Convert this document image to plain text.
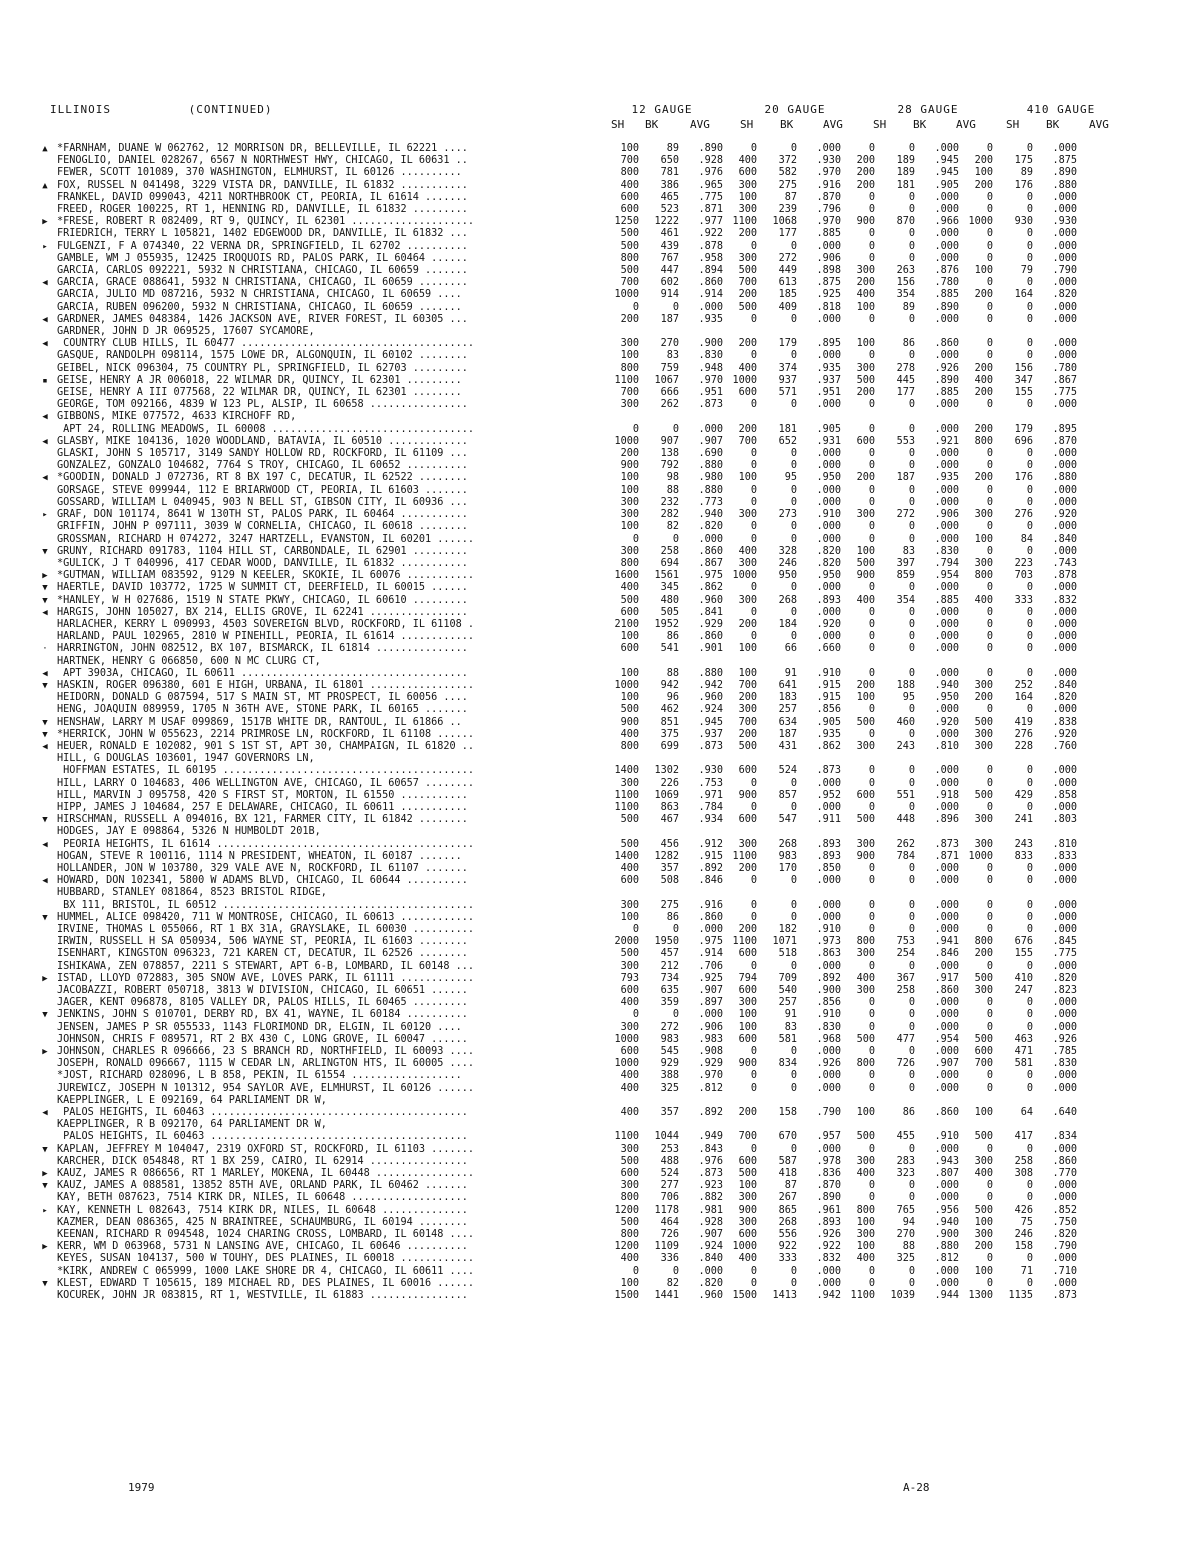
ILLINOIS	(CONTINUED)	12 GAUGE	20 GAUGE	28 GAUGE	410 GAUGE
SH BK	AVG	SH BK	AVG	SH BK	AVG	SH BK	AVG
▲	*FARNHAM, DUANE W 062762, 12 MORRISON DR, BELLEVILLE, IL 62221 ....	100	89	.890	0	0	.000	0	0	.000	0	0	.000
	FENOGLIO, DANIEL 028267, 6567 N NORTHWEST HWY, CHICAGO, IL 60631 ..	700	650	.928	400	372	.930	200	189	.945	200	175	.875
	FEWER, SCOTT 101089, 370 WASHINGTON, ELMHURST, IL 60126 ..........	800	781	.976	600	582	.970	200	189	.945	100	89	.890
▲	FOX, RUSSEL N 041498, 3229 VISTA DR, DANVILLE, IL 61832 ...........	400	386	.965	300	275	.916	200	181	.905	200	176	.880
	FRANKEL, DAVID 099043, 4211 NORTHBROOK CT, PEORIA, IL 61614 .......	600	465	.775	100	87	.870	0	0	.000	0	0	.000
	FREED, ROGER 100225, RT 1, HENNING RD, DANVILLE, IL 61832 .........	600	523	.871	300	239	.796	0	0	.000	0	0	.000
▶	*FRESE, ROBERT R 082409, RT 9, QUINCY, IL 62301 ....................	1250	1222	.977	1100	1068	.970	900	870	.966	1000	930	.930
	FRIEDRICH, TERRY L 105821, 1402 EDGEWOOD DR, DANVILLE, IL 61832 ...	500	461	.922	200	177	.885	0	0	.000	0	0	.000
▸	FULGENZI, F A 074340, 22 VERNA DR, SPRINGFIELD, IL 62702 ..........	500	439	.878	0	0	.000	0	0	.000	0	0	.000
	GAMBLE, WM J 055935, 12425 IROQUOIS RD, PALOS PARK, IL 60464 ......	800	767	.958	300	272	.906	0	0	.000	0	0	.000
	GARCIA, CARLOS 092221, 5932 N CHRISTIANA, CHICAGO, IL 60659 .......	500	447	.894	500	449	.898	300	263	.876	100	79	.790
◀	GARCIA, GRACE 088641, 5932 N CHRISTIANA, CHICAGO, IL 60659 ........	700	602	.860	700	613	.875	200	156	.780	0	0	.000
	GARCIA, JULIO MD 087216, 5932 N CHRISTIANA, CHICAGO, IL 60659 ....	1000	914	.914	200	185	.925	400	354	.885	200	164	.820
	GARCIA, RUBEN 096200, 5932 N CHRISTIANA, CHICAGO, IL 60659 .......	0	0	.000	500	409	.818	100	89	.890	0	0	.000
◀	GARDNER, JAMES 048384, 1426 JACKSON AVE, RIVER FOREST, IL 60305 ...	200	187	.935	0	0	.000	0	0	.000	0	0	.000
	GARDNER, JOHN D JR 069525, 17607 SYCAMORE,												
◀	COUNTRY CLUB HILLS, IL 60477 ......................................	300	270	.900	200	179	.895	100	86	.860	0	0	.000
	GASQUE, RANDOLPH 098114, 1575 LOWE DR, ALGONQUIN, IL 60102 ........	100	83	.830	0	0	.000	0	0	.000	0	0	.000
	GEIBEL, NICK 096304, 75 COUNTRY PL, SPRINGFIELD, IL 62703 .........	800	759	.948	400	374	.935	300	278	.926	200	156	.780
▪	GEISE, HENRY A JR 006018, 22 WILMAR DR, QUINCY, IL 62301 .........	1100	1067	.970	1000	937	.937	500	445	.890	400	347	.867
	GEISE, HENRY A III 077568, 22 WILMAR DR, QUINCY, IL 62301 ........	700	666	.951	600	571	.951	200	177	.885	200	155	.775
	GEORGE, TOM 092166, 4839 W 123 PL, ALSIP, IL 60658 ................	300	262	.873	0	0	.000	0	0	.000	0	0	.000
◀	GIBBONS, MIKE 077572, 4633 KIRCHOFF RD,												
	APT 24, ROLLING MEADOWS, IL 60008 .................................	0	0	.000	200	181	.905	0	0	.000	200	179	.895
◀	GLASBY, MIKE 104136, 1020 WOODLAND, BATAVIA, IL 60510 .............	1000	907	.907	700	652	.931	600	553	.921	800	696	.870
	GLASKI, JOHN S 105717, 3149 SANDY HOLLOW RD, ROCKFORD, IL 61109 ...	200	138	.690	0	0	.000	0	0	.000	0	0	.000
	GONZALEZ, GONZALO 104682, 7764 S TROY, CHICAGO, IL 60652 ..........	900	792	.880	0	0	.000	0	0	.000	0	0	.000
◀	*GOODIN, DONALD J 072736, RT 8 BX 197 C, DECATUR, IL 62522 ........	100	98	.980	100	95	.950	200	187	.935	200	176	.880
	GORSAGE, STEVE 099944, 112 E BRIARWOOD CT, PEORIA, IL 61603 .......	100	88	.880	0	0	.000	0	0	.000	0	0	.000
	GOSSARD, WILLIAM L 040945, 903 N BELL ST, GIBSON CITY, IL 60936 ...	300	232	.773	0	0	.000	0	0	.000	0	0	.000
▸	GRAF, DON 101174, 8641 W 130TH ST, PALOS PARK, IL 60464 ...........	300	282	.940	300	273	.910	300	272	.906	300	276	.920
	GRIFFIN, JOHN P 097111, 3039 W CORNELIA, CHICAGO, IL 60618 ........	100	82	.820	0	0	.000	0	0	.000	0	0	.000
	GROSSMAN, RICHARD H 074272, 3247 HARTZELL, EVANSTON, IL 60201 ......	0	0	.000	0	0	.000	0	0	.000	100	84	.840
▼	GRUNY, RICHARD 091783, 1104 HILL ST, CARBONDALE, IL 62901 .........	300	258	.860	400	328	.820	100	83	.830	0	0	.000
	*GULICK, J T 040996, 417 CEDAR WOOD, DANVILLE, IL 61832 ...........	800	694	.867	300	246	.820	500	397	.794	300	223	.743
▶	*GUTMAN, WILLIAM 083592, 9129 N KEELER, SKOKIE, IL 60076 ...........	1600	1561	.975	1000	950	.950	900	859	.954	800	703	.878
▼	HAERTLE, DAVID 103772, 1725 W SUMMIT CT, DEERFIELD, IL 60015 ......	400	345	.862	0	0	.000	0	0	.000	0	0	.000
▼	*HANLEY, W H 027686, 1519 N STATE PKWY, CHICAGO, IL 60610 .........	500	480	.960	300	268	.893	400	354	.885	400	333	.832
◀	HARGIS, JOHN 105027, BX 214, ELLIS GROVE, IL 62241 ................	600	505	.841	0	0	.000	0	0	.000	0	0	.000
	HARLACHER, KERRY L 090993, 4503 SOVEREIGN BLVD, ROCKFORD, IL 61108 .	2100	1952	.929	200	184	.920	0	0	.000	0	0	.000
	HARLAND, PAUL 102965, 2810 W PINEHILL, PEORIA, IL 61614 ............	100	86	.860	0	0	.000	0	0	.000	0	0	.000
·	HARRINGTON, JOHN 082512, BX 107, BISMARCK, IL 61814 ...............	600	541	.901	100	66	.660	0	0	.000	0	0	.000
	HARTNEK, HENRY G 066850, 600 N MC CLURG CT,												
◀	APT 3903A, CHICAGO, IL 60611 .....................................	100	88	.880	100	91	.910	0	0	.000	0	0	.000
▼	HASKIN, ROGER 096380, 601 E HIGH, URBANA, IL 61801 .................	1000	942	.942	700	641	.915	200	188	.940	300	252	.840
	HEIDORN, DONALD G 087594, 517 S MAIN ST, MT PROSPECT, IL 60056 ....	100	96	.960	200	183	.915	100	95	.950	200	164	.820
	HENG, JOAQUIN 089959, 1705 N 36TH AVE, STONE PARK, IL 60165 .......	500	462	.924	300	257	.856	0	0	.000	0	0	.000
▼	HENSHAW, LARRY M USAF 099869, 1517B WHITE DR, RANTOUL, IL 61866 ..	900	851	.945	700	634	.905	500	460	.920	500	419	.838
▼	*HERRICK, JOHN W 055623, 2214 PRIMROSE LN, ROCKFORD, IL 61108 ......	400	375	.937	200	187	.935	0	0	.000	300	276	.920
◀	HEUER, RONALD E 102082, 901 S 1ST ST, APT 30, CHAMPAIGN, IL 61820 ..	800	699	.873	500	431	.862	300	243	.810	300	228	.760
	HILL, G DOUGLAS 103601, 1947 GOVERNORS LN,												
	HOFFMAN ESTATES, IL 60195 .........................................	1400	1302	.930	600	524	.873	0	0	.000	0	0	.000
	HILL, LARRY O 104683, 406 WELLINGTON AVE, CHICAGO, IL 60657 ........	300	226	.753	0	0	.000	0	0	.000	0	0	.000
	HILL, MARVIN J 095758, 420 S FIRST ST, MORTON, IL 61550 ...........	1100	1069	.971	900	857	.952	600	551	.918	500	429	.858
	HIPP, JAMES J 104684, 257 E DELAWARE, CHICAGO, IL 60611 ...........	1100	863	.784	0	0	.000	0	0	.000	0	0	.000
▼	HIRSCHMAN, RUSSELL A 094016, BX 121, FARMER CITY, IL 61842 ........	500	467	.934	600	547	.911	500	448	.896	300	241	.803
	HODGES, JAY E 098864, 5326 N HUMBOLDT 201B,												
◀	PEORIA HEIGHTS, IL 61614 ..........................................	500	456	.912	300	268	.893	300	262	.873	300	243	.810
	HOGAN, STEVE R 100116, 1114 N PRESIDENT, WHEATON, IL 60187 .......	1400	1282	.915	1100	983	.893	900	784	.871	1000	833	.833
	HOLLANDER, JON W 103780, 329 VALE AVE N, ROCKFORD, IL 61107 .......	400	357	.892	200	170	.850	0	0	.000	0	0	.000
◀	HOWARD, DON 102341, 5800 W ADAMS BLVD, CHICAGO, IL 60644 ..........	600	508	.846	0	0	.000	0	0	.000	0	0	.000
	HUBBARD, STANLEY 081864, 8523 BRISTOL RIDGE,												
	BX 111, BRISTOL, IL 60512 .........................................	300	275	.916	0	0	.000	0	0	.000	0	0	.000
▼	HUMMEL, ALICE 098420, 711 W MONTROSE, CHICAGO, IL 60613 ............	100	86	.860	0	0	.000	0	0	.000	0	0	.000
	IRVINE, THOMAS L 055066, RT 1 BX 31A, GRAYSLAKE, IL 60030 ..........	0	0	.000	200	182	.910	0	0	.000	0	0	.000
	IRWIN, RUSSELL H SA 050934, 506 WAYNE ST, PEORIA, IL 61603 ........	2000	1950	.975	1100	1071	.973	800	753	.941	800	676	.845
	ISENHART, KINGSTON 096323, 721 KAREN CT, DECATUR, IL 62526 ........	500	457	.914	600	518	.863	300	254	.846	200	155	.775
	ISHIKAWA, ZEN 078857, 2211 S STEWART, APT 6-B, LOMBARD, IL 60148 ...	300	212	.706	0	0	.000	0	0	.000	0	0	.000
▶	ISTAD, LLOYD 072883, 305 SNOW AVE, LOVES PARK, IL 61111 ............	793	734	.925	794	709	.892	400	367	.917	500	410	.820
	JACOBAZZI, ROBERT 050718, 3813 W DIVISION, CHICAGO, IL 60651 ......	600	635	.907	600	540	.900	300	258	.860	300	247	.823
	JAGER, KENT 096878, 8105 VALLEY DR, PALOS HILLS, IL 60465 .........	400	359	.897	300	257	.856	0	0	.000	0	0	.000
▼	JENKINS, JOHN S 010701, DERBY RD, BX 41, WAYNE, IL 60184 ..........	0	0	.000	100	91	.910	0	0	.000	0	0	.000
	JENSEN, JAMES P SR 055533, 1143 FLORIMOND DR, ELGIN, IL 60120 ....	300	272	.906	100	83	.830	0	0	.000	0	0	.000
	JOHNSON, CHRIS F 089571, RT 2 BX 430 C, LONG GROVE, IL 60047 ......	1000	983	.983	600	581	.968	500	477	.954	500	463	.926
▶	JOHNSON, CHARLES R 096666, 23 S BRANCH RD, NORTHFIELD, IL 60093 ....	600	545	.908	0	0	.000	0	0	.000	600	471	.785
	JOSEPH, RONALD 096667, 1115 W CEDAR LN, ARLINGTON HTS, IL 60005 ....	1000	929	.929	900	834	.926	800	726	.907	700	581	.830
	*JOST, RICHARD 028096, L B 858, PEKIN, IL 61554 ..................	400	388	.970	0	0	.000	0	0	.000	0	0	.000
	JUREWICZ, JOSEPH N 101312, 954 SAYLOR AVE, ELMHURST, IL 60126 ......	400	325	.812	0	0	.000	0	0	.000	0	0	.000
	KAEPPLINGER, L E 092169, 64 PARLIAMENT DR W,												
◀	PALOS HEIGHTS, IL 60463 ..........................................	400	357	.892	200	158	.790	100	86	.860	100	64	.640
	KAEPPLINGER, R B 092170, 64 PARLIAMENT DR W,												
	PALOS HEIGHTS, IL 60463 ..........................................	1100	1044	.949	700	670	.957	500	455	.910	500	417	.834
▼	KAPLAN, JEFFREY M 104047, 2319 OXFORD ST, ROCKFORD, IL 61103 .......	300	253	.843	0	0	.000	0	0	.000	0	0	.000
	KARCHER, DICK 054848, RT 1 BX 259, CAIRO, IL 62914 ................	500	488	.976	600	587	.978	300	283	.943	300	258	.860
▶	KAUZ, JAMES R 086656, RT 1 MARLEY, MOKENA, IL 60448 ................	600	524	.873	500	418	.836	400	323	.807	400	308	.770
▼	KAUZ, JAMES A 088581, 13852 85TH AVE, ORLAND PARK, IL 60462 .......	300	277	.923	100	87	.870	0	0	.000	0	0	.000
	KAY, BETH 087623, 7514 KIRK DR, NILES, IL 60648 ...................	800	706	.882	300	267	.890	0	0	.000	0	0	.000
▸	KAY, KENNETH L 082643, 7514 KIRK DR, NILES, IL 60648 ..............	1200	1178	.981	900	865	.961	800	765	.956	500	426	.852
	KAZMER, DEAN 086365, 425 N BRAINTREE, SCHAUMBURG, IL 60194 ........	500	464	.928	300	268	.893	100	94	.940	100	75	.750
	KEENAN, RICHARD R 094548, 1024 CHARING CROSS, LOMBARD, IL 60148 ....	800	726	.907	600	556	.926	300	270	.900	300	246	.820
▶	KERR, WM D 063968, 5731 N LANSING AVE, CHICAGO, IL 60646 ..........	1200	1109	.924	1000	922	.922	100	88	.880	200	158	.790
	KEYES, SUSAN 104137, 500 W TOUHY, DES PLAINES, IL 60018 ............	400	336	.840	400	333	.832	400	325	.812	0	0	.000
	*KIRK, ANDREW C 065999, 1000 LAKE SHORE DR 4, CHICAGO, IL 60611 ....	0	0	.000	0	0	.000	0	0	.000	100	71	.710
▼	KLEST, EDWARD T 105615, 189 MICHAEL RD, DES PLAINES, IL 60016 ......	100	82	.820	0	0	.000	0	0	.000	0	0	.000
	KOCUREK, JOHN JR 083815, RT 1, WESTVILLE, IL 61883 ................	1500	1441	.960	1500	1413	.942	1100	1039	.944	1300	1135	.873
1979	A-28
